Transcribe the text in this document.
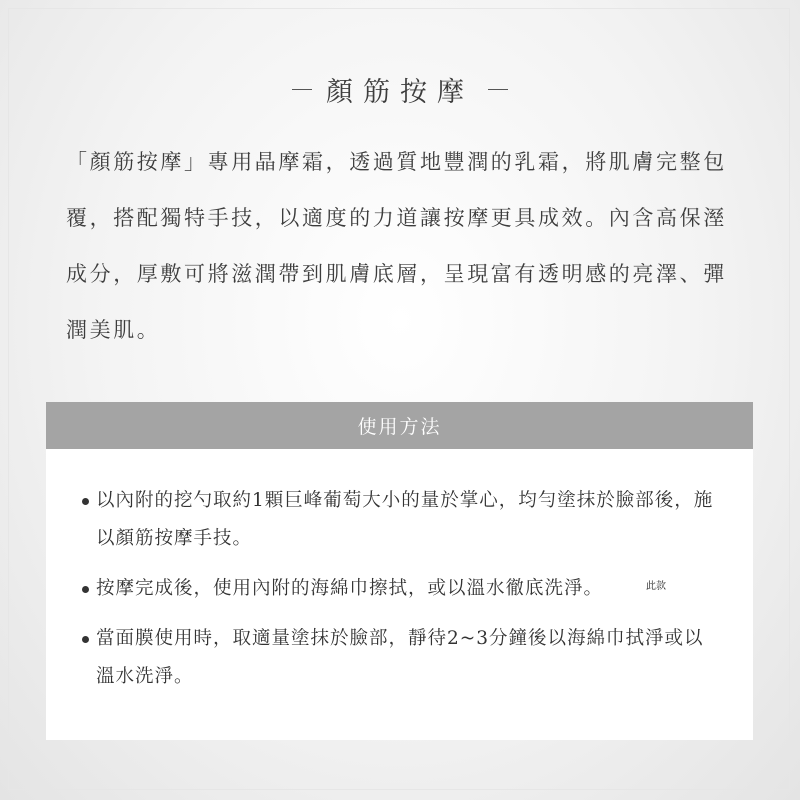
顏筋按摩

「顏筋按摩」專用晶摩霜，透過質地豐潤的乳霜，將肌膚完整包覆，搭配獨特手技，以適度的力道讓按摩更具成效。內含高保溼成分，厚敷可將滋潤帶到肌膚底層，呈現富有透明感的亮澤、彈潤美肌。

使用方法
以內附的挖勺取約1顆巨峰葡萄大小的量於掌心，均勻塗抹於臉部後，施以顏筋按摩手技。
按摩完成後，使用內附的海綿巾擦拭，或以溫水徹底洗淨。
當面膜使用時，取適量塗抹於臉部，靜待2~3分鐘後以海綿巾拭淨或以溫水洗淨。
此款
